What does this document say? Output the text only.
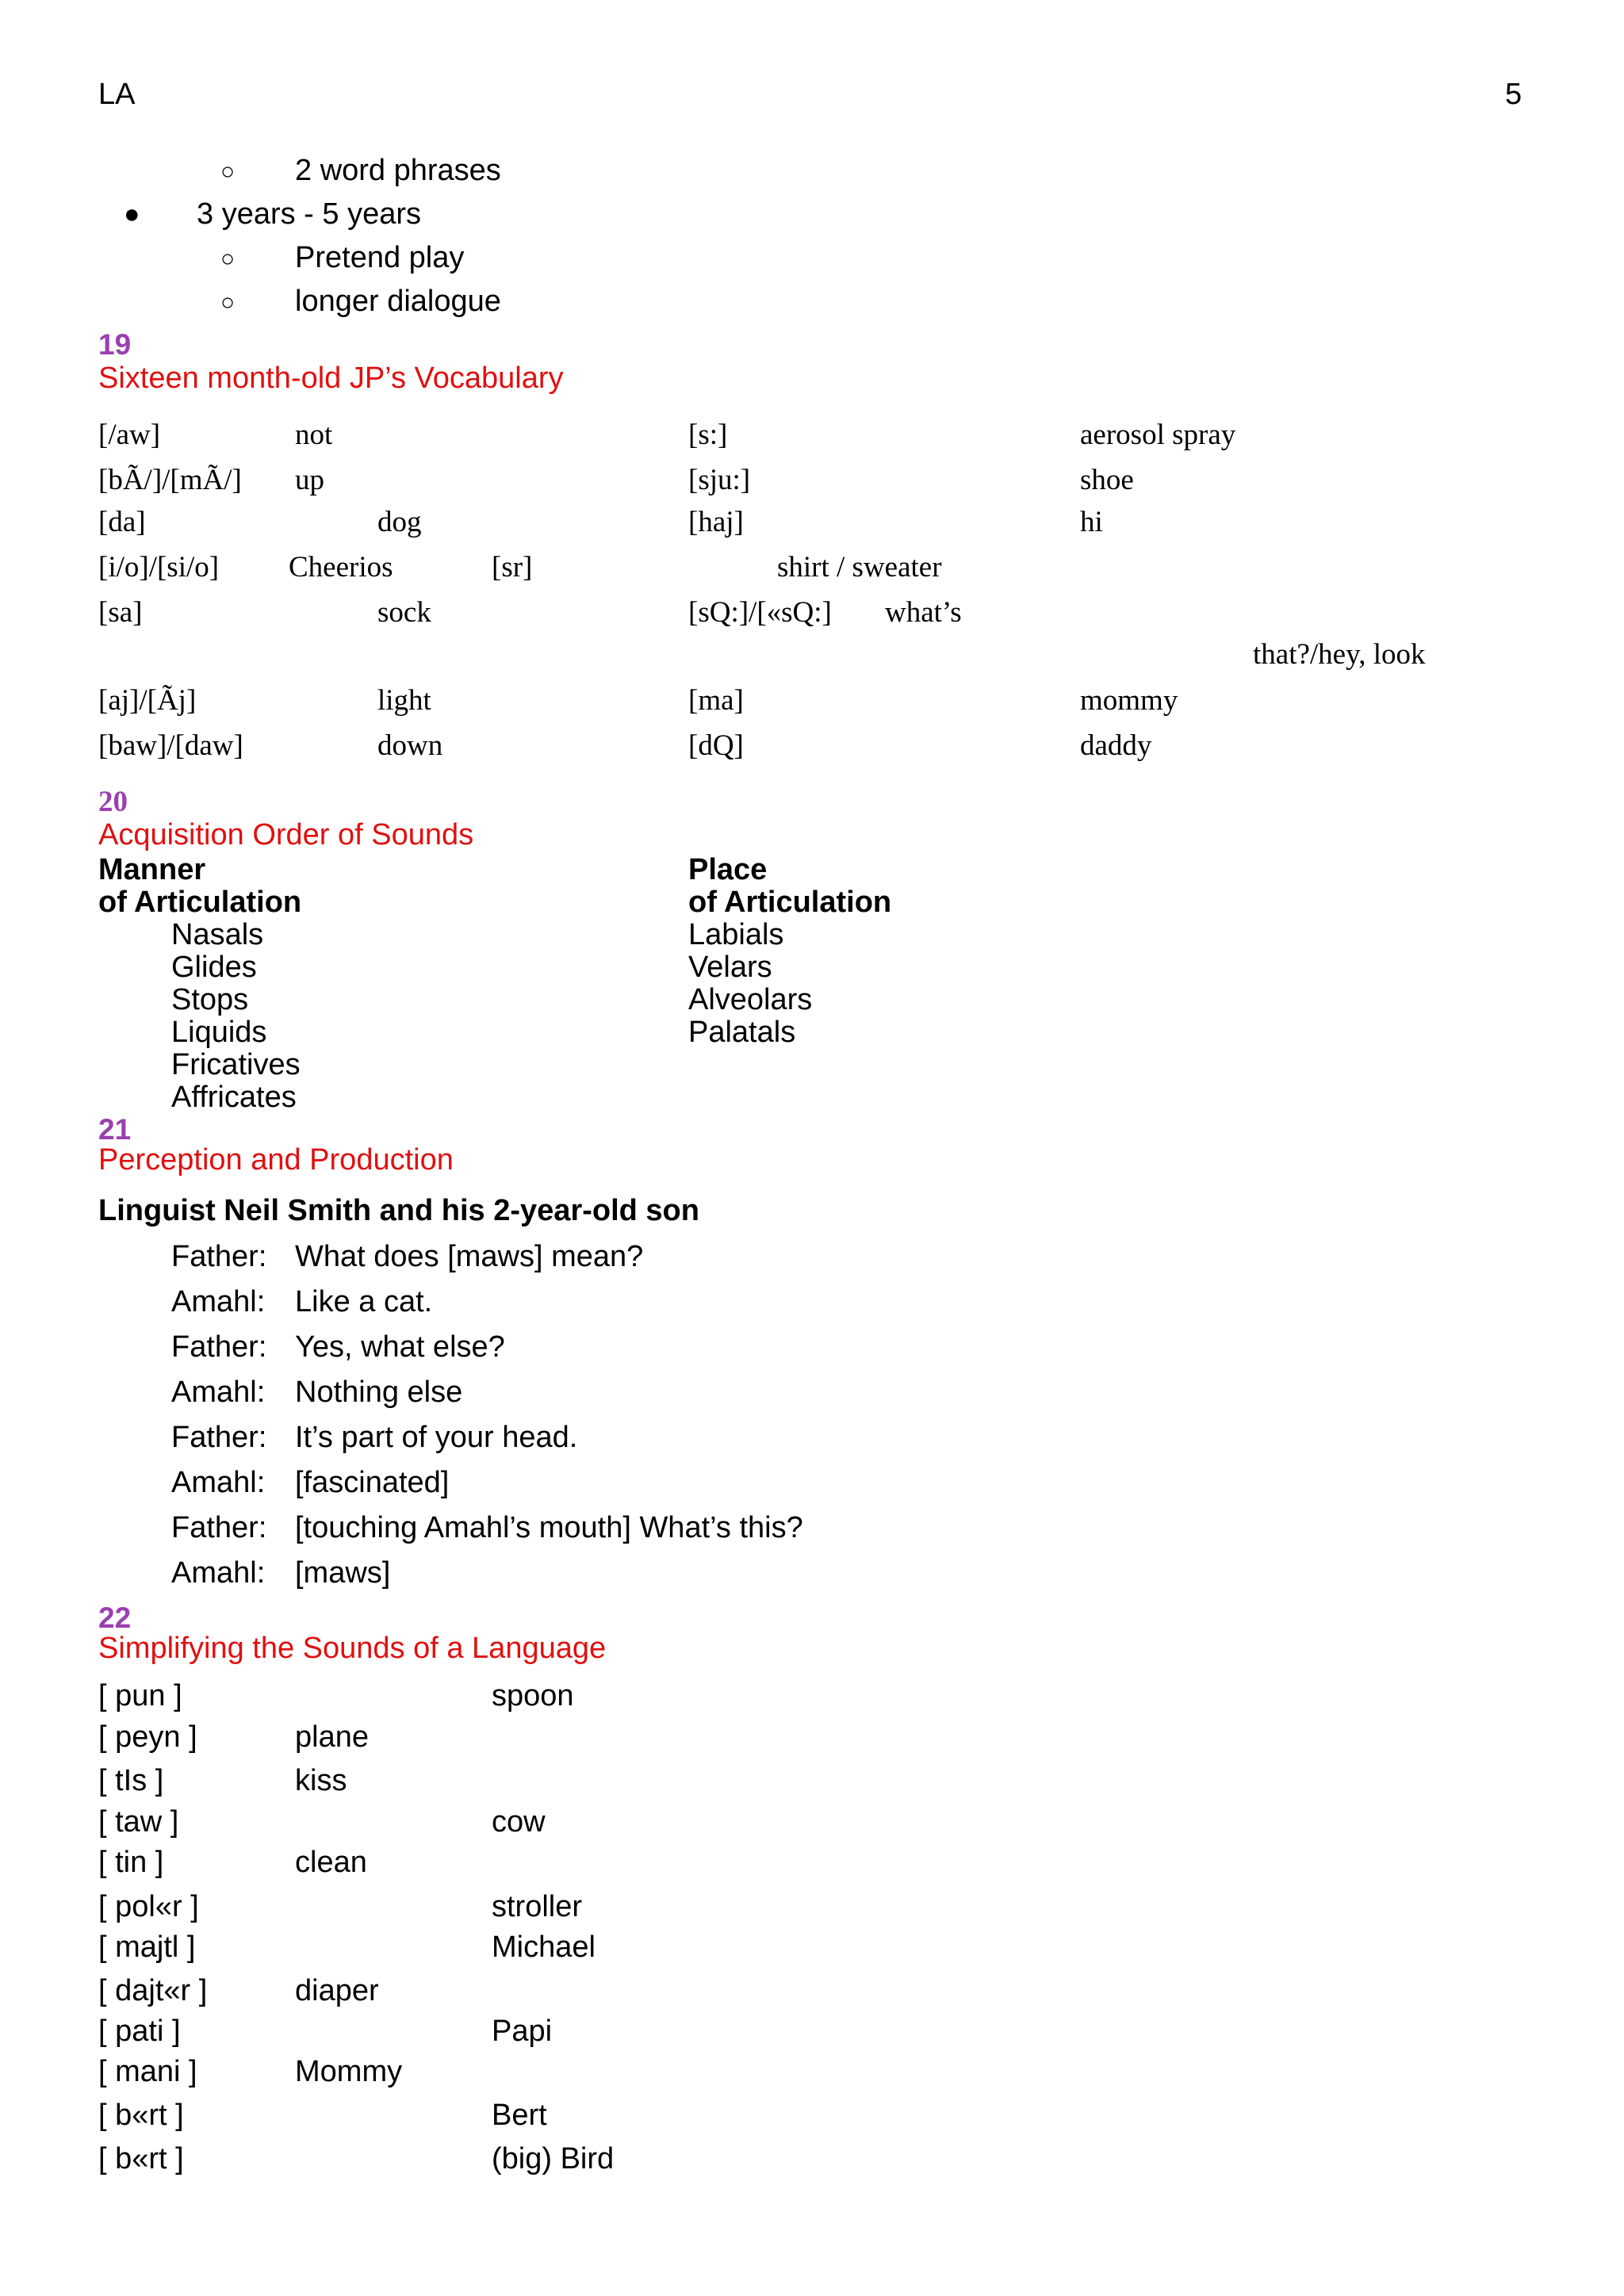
LA	5
○ 2 word phrases
● 3 years - 5 years
○ Pretend play
○ longer dialogue
19
Sixteen month-old JP’s Vocabulary
[/aw]	not	[s:]	aerosol spray
[bÃ/]/[mÃ/] up	[sju:]	shoe
[da]	dog	[haj]	hi
[i/o]/[si/o] Cheerios	[sr]	shirt / sweater
[sa]	sock	[sQ:]/[«sQ:] what’s
that?/hey, look
[aj]/[Ãj]	light	[ma]	mommy
[baw]/[daw]	down	[dQ]	daddy
20
Acquisition Order of Sounds
Manner
of Articulation
Nasals
Glides
Stops
Liquids
Fricatives
Affricates
Place
of Articulation
Labials
Velars
Alveolars
Palatals
21
Perception and Production
Linguist Neil Smith and his 2-year-old son
Father: What does [maws] mean?
Amahl: Like a cat.
Father: Yes, what else?
Amahl: Nothing else
Father: It’s part of your head.
Amahl: [fascinated]
Father: [touching Amahl’s mouth] What’s this?
Amahl: [maws]
22
Simplifying the Sounds of a Language
[ pun ]	spoon
[ peyn ]	plane
[ tIs ]	kiss
[ taw ]	cow
[ tin ]	clean
[ pol«r ]	stroller
[ majtl ]	Michael
[ dajt«r ]	diaper
[ pati ]	Papi
[ mani ]	Mommy
[ b«rt ]	Bert
[ b«rt ]	(big) Bird
